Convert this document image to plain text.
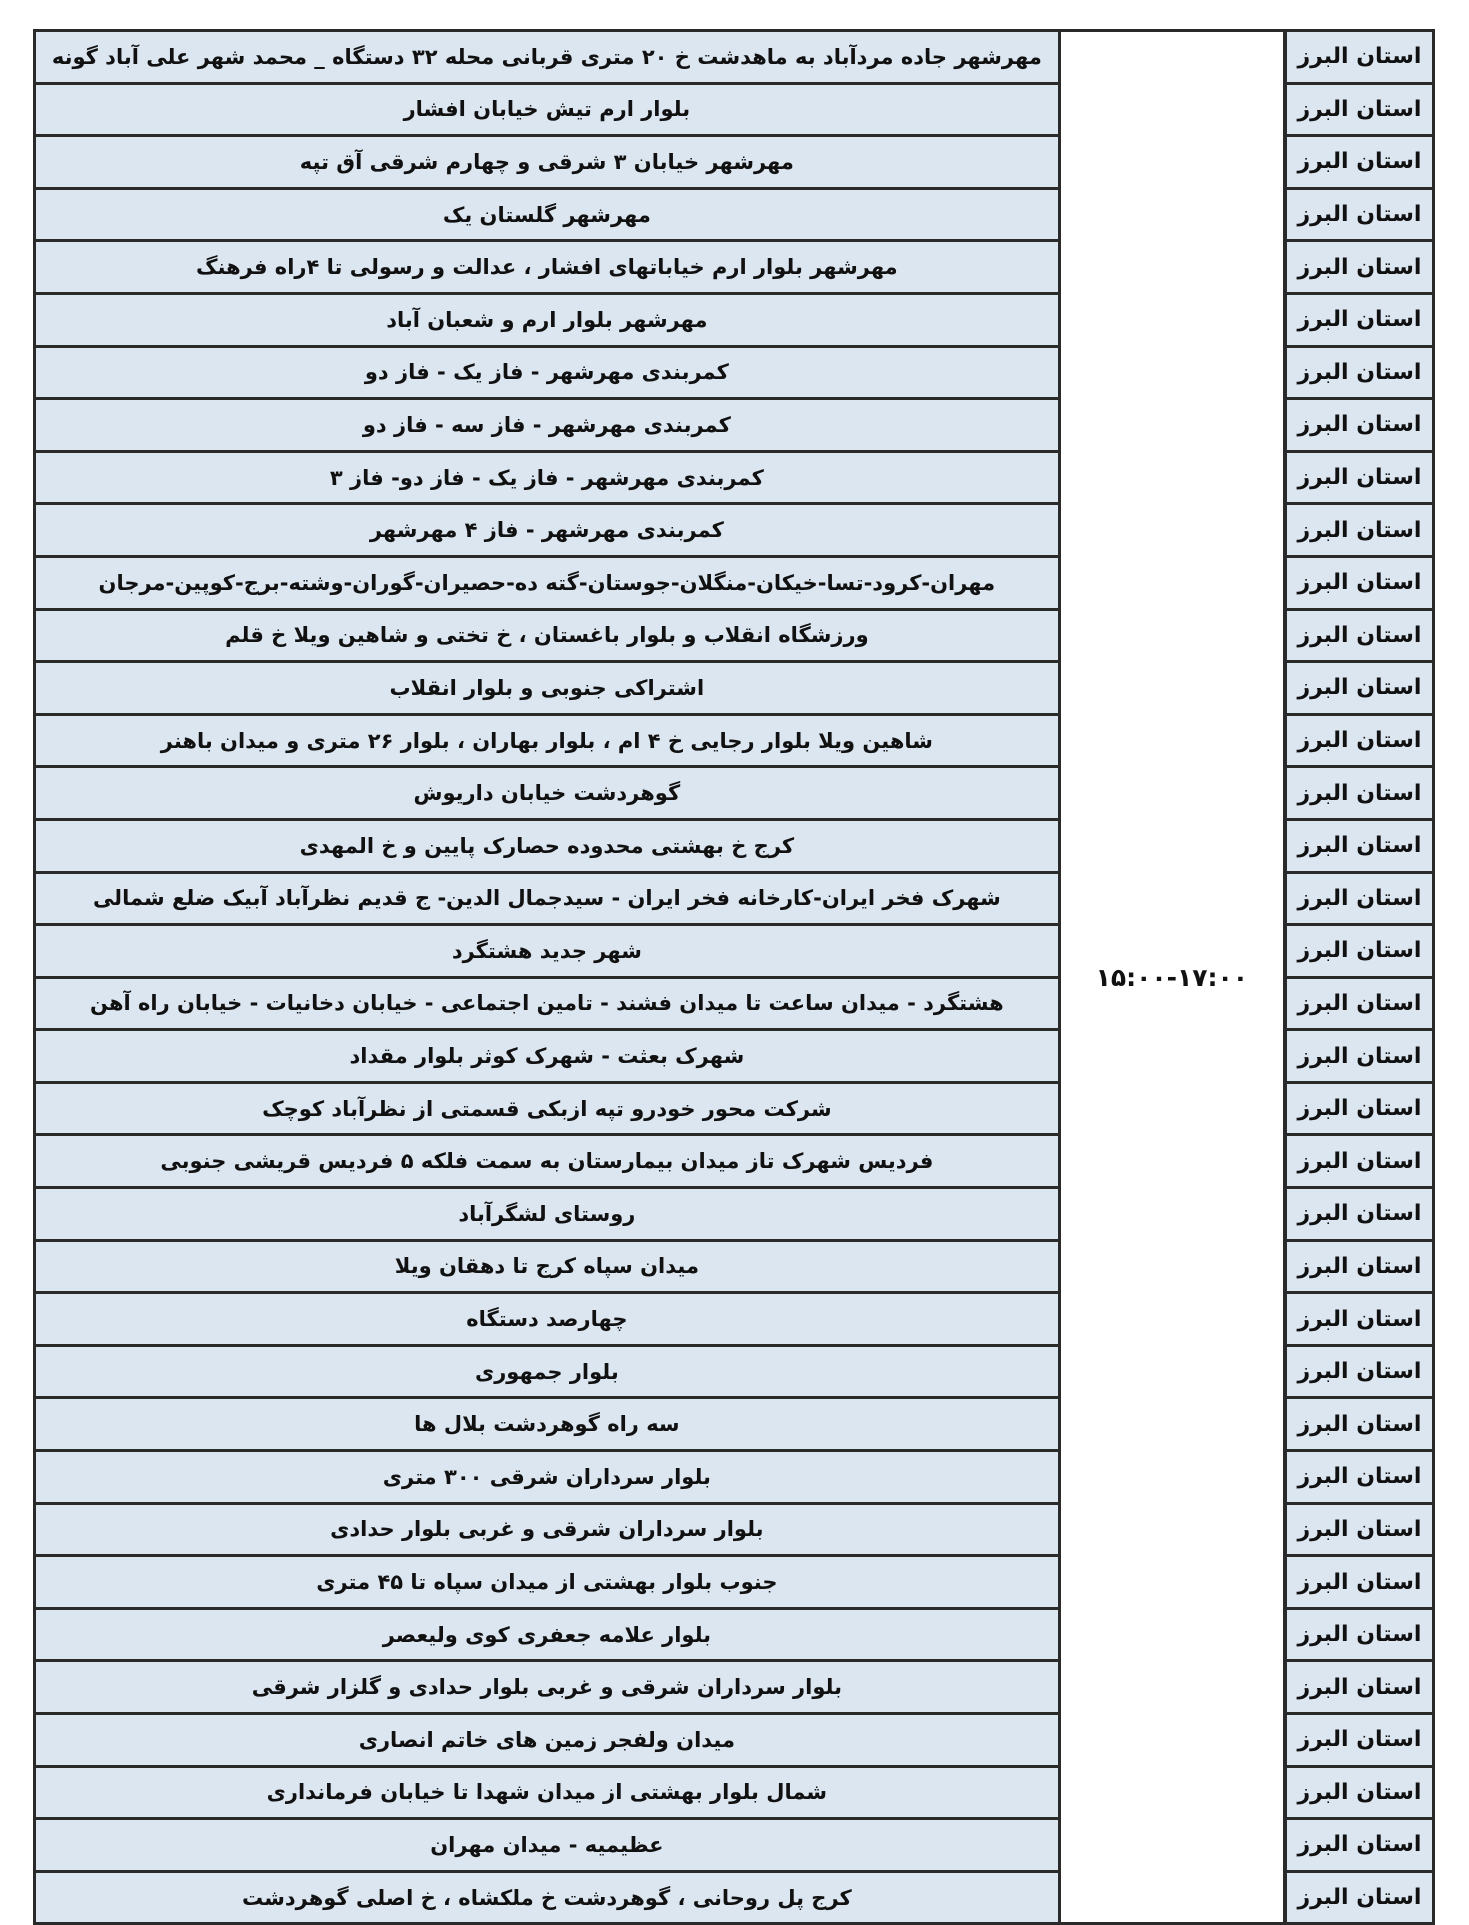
مهرشهر جاده مردآباد به ماهدشت خ ۲۰ متری قربانی محله ۳۲ دستگاه _ محمد شهر علی آباد گونه	۱۵:۰۰-۱۷:۰۰		استان البرز
بلوار ارم تیش خیابان افشار		استان البرز
مهرشهر خیابان ۳ شرقی و چهارم شرقی آق تپه		استان البرز
مهرشهر گلستان یک		استان البرز
مهرشهر بلوار ارم خیاباتهای افشار ، عدالت و رسولی تا ۴راه فرهنگ		استان البرز
مهرشهر بلوار ارم و شعبان آباد		استان البرز
کمربندی مهرشهر - فاز یک - فاز دو		استان البرز
کمربندی مهرشهر - فاز سه - فاز دو		استان البرز
کمربندی مهرشهر - فاز یک - فاز دو- فاز ۳		استان البرز
کمربندی مهرشهر - فاز ۴ مهرشهر		استان البرز
مهران-کرود-تسا-خیکان-منگلان-جوستان-گته ده-حصیران-گوران-وشته-برج-کوپین-مرجان		استان البرز
ورزشگاه انقلاب و بلوار باغستان ، خ تختی و شاهین ویلا خ قلم		استان البرز
اشتراکی جنوبی و بلوار انقلاب		استان البرز
شاهین ویلا بلوار رجایی خ ۴ ام ، بلوار بهاران ، بلوار ۲۶ متری و میدان باهنر		استان البرز
گوهردشت خیابان داریوش		استان البرز
کرج خ بهشتی محدوده حصارک پایین و خ المهدی		استان البرز
شهرک فخر ایران-کارخانه فخر ایران - سیدجمال الدین- ج قدیم نظرآباد آبیک ضلع شمالی		استان البرز
شهر جدید هشتگرد		استان البرز
هشتگرد - میدان ساعت تا میدان فشند - تامین اجتماعی - خیابان دخانیات - خیابان راه آهن		استان البرز
شهرک بعثت - شهرک کوثر بلوار مقداد		استان البرز
شرکت محور خودرو تپه ازبکی قسمتی از نظرآباد کوچک		استان البرز
فردیس شهرک تاز میدان بیمارستان به سمت فلکه ۵ فردیس قریشی جنوبی		استان البرز
روستای لشگرآباد		استان البرز
میدان سپاه کرج تا دهقان ویلا		استان البرز
چهارصد دستگاه		استان البرز
بلوار جمهوری		استان البرز
سه راه گوهردشت بلال ها		استان البرز
بلوار سرداران شرقی ۳۰۰ متری		استان البرز
بلوار سرداران شرقی و غربی بلوار حدادی		استان البرز
جنوب بلوار بهشتی از میدان سپاه تا ۴۵ متری		استان البرز
بلوار علامه جعفری کوی ولیعصر		استان البرز
بلوار سرداران شرقی و غربی بلوار حدادی و گلزار شرقی		استان البرز
میدان ولفجر زمین های خاتم انصاری		استان البرز
شمال بلوار بهشتی از میدان شهدا تا خیابان فرمانداری		استان البرز
عظیمیه - میدان مهران		استان البرز
کرج پل روحانی ، گوهردشت خ ملکشاه ، خ اصلی گوهردشت		استان البرز
